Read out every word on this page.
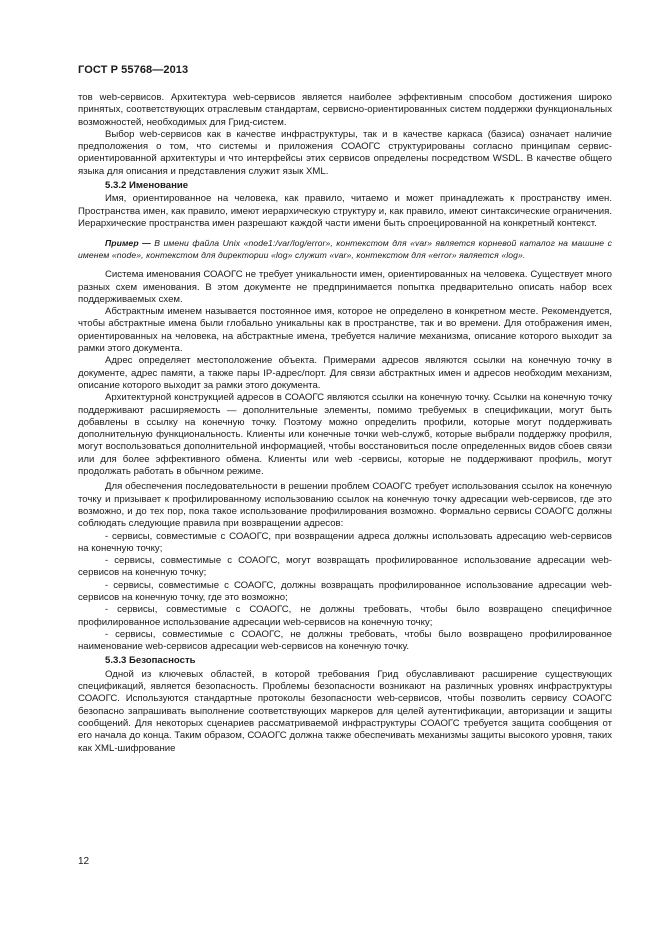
ГОСТ Р 55768—2013

тов web-сервисов. Архитектура web-сервисов является наиболее эффективным способом достижения широко принятых, соответствующих отраслевым стандартам, сервисно-ориентированных систем поддержки функциональных возможностей, необходимых для Грид-систем.

Выбор web-сервисов как в качестве инфраструктуры, так и в качестве каркаса (базиса) означает наличие предположения о том, что системы и приложения СОАОГС структурированы согласно принципам сервис-ориентированной архитектуры и что интерфейсы этих сервисов определены посредством WSDL. В качестве общего языка для описания и представления служит язык XML.

5.3.2 Именование

Имя, ориентированное на человека, как правило, читаемо и может принадлежать к пространству имен. Пространства имен, как правило, имеют иерархическую структуру и, как правило, имеют синтаксические ограничения. Иерархические пространства имен разрешают каждой части имени быть спроецированной на конкретный контекст.

Пример — В имени файла Unix «node1:/var/log/error», контекстом для «var» является корневой каталог на машине с именем «node», контекстом для директории «log» служит «var», контекстом для «error» является «log».

Система именования СОАОГС не требует уникальности имен, ориентированных на человека. Существует много разных схем именования. В этом документе не предпринимается попытка предварительно описать набор всех поддерживаемых схем.

Абстрактным именем называется постоянное имя, которое не определено в конкретном месте. Рекомендуется, чтобы абстрактные имена были глобально уникальны как в пространстве, так и во времени. Для отображения имен, ориентированных на человека, на абстрактные имена, требуется наличие механизма, описание которого выходит за рамки этого документа.

Адрес определяет местоположение объекта. Примерами адресов являются ссылки на конечную точку в документе, адрес памяти, а также пары IP-адрес/порт. Для связи абстрактных имен и адресов необходим механизм, описание которого выходит за рамки этого документа.

Архитектурной конструкцией адресов в СОАОГС являются ссылки на конечную точку. Ссылки на конечную точку поддерживают расширяемость — дополнительные элементы, помимо требуемых в спецификации, могут быть добавлены в ссылку на конечную точку. Поэтому можно определить профили, которые могут поддерживать дополнительную функциональность. Клиенты или конечные точки web-служб, которые выбрали поддержку профиля, могут воспользоваться дополнительной информацией, чтобы восстановиться после определенных видов сбоев связи или для более эффективного обмена. Клиенты или web -сервисы, которые не поддерживают профиль, могут продолжать работать в обычном режиме.

Для обеспечения последовательности в решении проблем СОАОГС требует использования ссылок на конечную точку и призывает к профилированному использованию ссылок на конечную точку адресации web-сервисов, где это возможно, и до тех пор, пока такое использование профилирования возможно. Формально сервисы СОАОГС должны соблюдать следующие правила при возвращении адресов:

- сервисы, совместимые с СОАОГС, при возвращении адреса должны использовать адресацию web-сервисов на конечную точку;

- сервисы, совместимые с СОАОГС, могут возвращать профилированное использование адресации web-сервисов на конечную точку;

- сервисы, совместимые с СОАОГС, должны возвращать профилированное использование адресации web-сервисов на конечную точку, где это возможно;

- сервисы, совместимые с СОАОГС, не должны требовать, чтобы было возвращено специфичное профилированное использование адресации web-сервисов на конечную точку;

- сервисы, совместимые с СОАОГС, не должны требовать, чтобы было возвращено профилированное наименование web-сервисов адресации web-сервисов на конечную точку.

5.3.3 Безопасность

Одной из ключевых областей, в которой требования Грид обуславливают расширение существующих спецификаций, является безопасность. Проблемы безопасности возникают на различных уровнях инфраструктуры СОАОГС. Используются стандартные протоколы безопасности web-сервисов, чтобы позволить сервису СОАОГС безопасно запрашивать выполнение соответствующих маркеров для целей аутентификации, авторизации и защиты сообщений. Для некоторых сценариев рассматриваемой инфраструктуры СОАОГС требуется защита сообщения от его начала до конца. Таким образом, СОАОГС должна также обеспечивать механизмы защиты высокого уровня, таких как XML-шифрование

12
